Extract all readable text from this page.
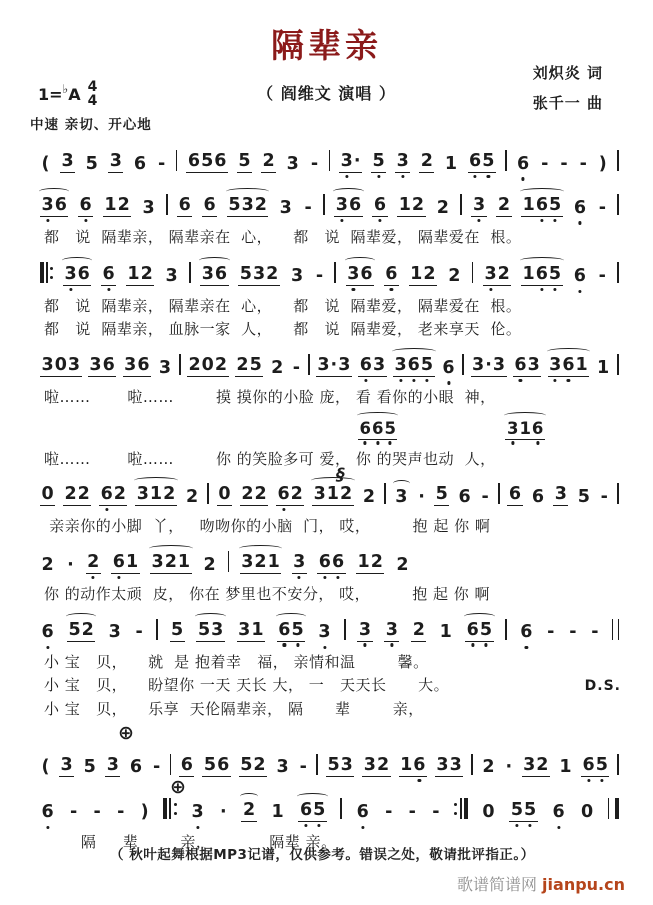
隔辈亲
刘炽炎 词
张千一 曲
（ 阎维文 演唱 ）
1= ♭ A 4
4
中速 亲切、开心地
( 3 5 3 6 - 6 5 6 5 2 3 - 3 · 5 3 2 1 6 5 6 - - - )
3 6 6 1 2 3 6 6 5 3 2 3 - 3 6 6 1 2 2 3 2 1 6 5 6 -
都   说  隔辈亲， 隔辈亲在  心，    都   说  隔辈爱， 隔辈爱在  根。
3 6 6 1 2 3 3 6 5 3 2 3 - 3 6 6 1 2 2 3 2 1 6 5 6 -
都   说  隔辈亲， 隔辈亲在  心，    都   说  隔辈爱， 隔辈爱在  根。
都   说  隔辈亲， 血脉一家  人，    都   说  隔辈爱， 老来享天  伦。
3 0 3 3 6 3 6 3 2 0 2 2 5 2 - 3 · 3 6 3 3 6 5 6 3 · 3 6 3 3 6 1 1
啦……       啦……        摸 摸你的小脸 庞， 看 看你的小眼  神，
6 6 5	3 1 6
啦……       啦……        你 的笑脸多可 爱， 你 的哭声也动  人，
§
0 2 2 6 2 3 1 2 2 0 2 2 6 2 3 1 2 2 3 · 5 6 - 6 6 3 5 -
亲亲你的小脚  丫，   吻吻你的小脑  门， 哎，        抱 起 你 啊
2 · 2 6 1 3 2 1 2 3 2 1 3 6 6 1 2 2
你 的动作太顽  皮， 你在 梦里也不安分， 哎，        抱 起 你 啊
6 5 2 3 - 5 5 3 3 1 6 5 3 3 3 2 1 6 5 6 - - -
小 宝   贝，    就  是 抱着幸   福， 亲情和温        馨。
小 宝   贝，    盼望你 一天 天长 大， 一   天天长      大。	D.S.
小 宝   贝，    乐享  天伦隔辈亲， 隔      辈        亲，
⊕
( 3 5 3 6 - 6 5 6 5 2 3 - 5 3 3 2 1 6 3 3 2 · 3 2 1 6 5
⊕
6 - - - ) 3 · 2 1 6 5 6 - - - 0 5 5 6 0
隔     辈        亲，           隔辈 亲。
（ 秋叶起舞根据MP3记谱，仅供参考。错误之处，敬请批评指正。）
歌谱简谱网 jianpu.cn
